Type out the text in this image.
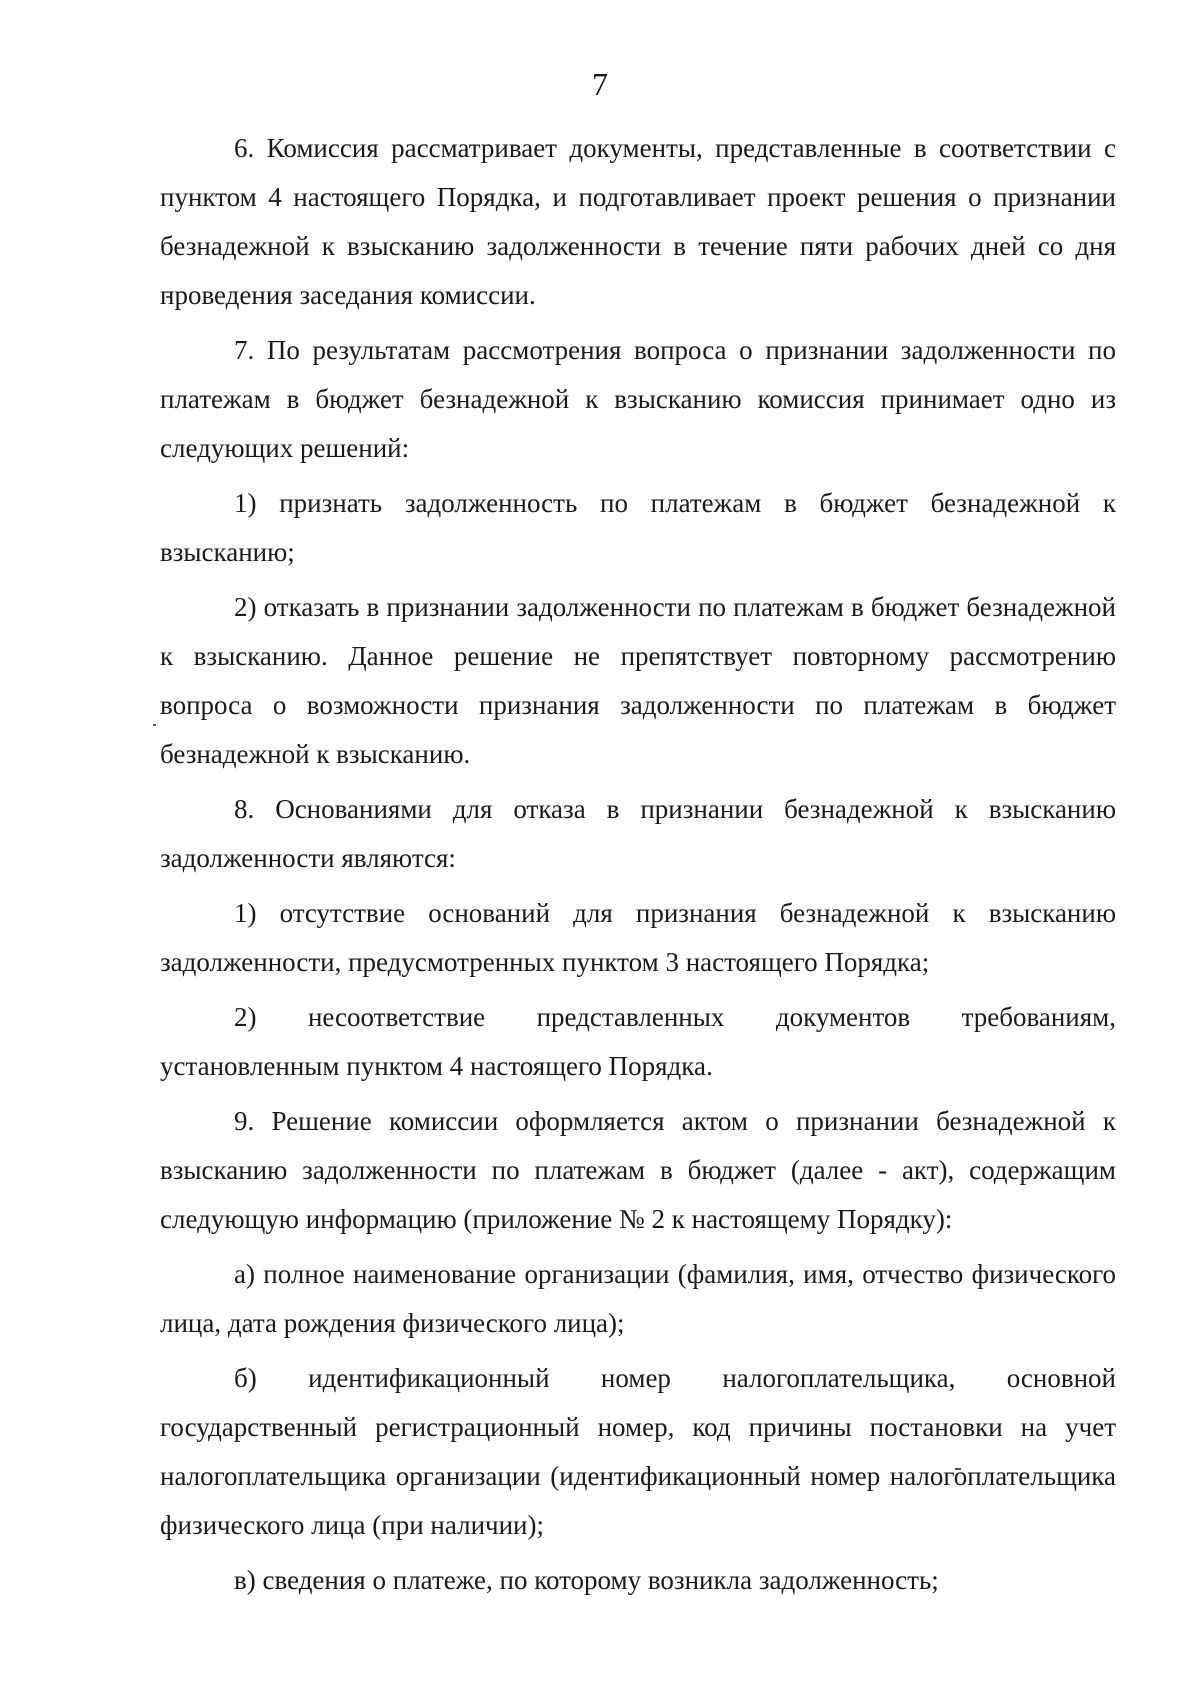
7

6. Комиссия рассматривает документы, представленные в соответствии с пунктом 4 настоящего Порядка, и подготавливает проект решения о признании безнадежной к взысканию задолженности в течение пяти рабочих дней со дня проведения заседания комиссии.

7. По результатам рассмотрения вопроса о признании задолженности по платежам в бюджет безнадежной к взысканию комиссия принимает одно из следующих решений:

1) признать задолженность по платежам в бюджет безнадежной к взысканию;

2) отказать в признании задолженности по платежам в бюджет безнадежной к взысканию. Данное решение не препятствует повторному рассмотрению вопроса о возможности признания задолженности по платежам в бюджет безнадежной к взысканию.

8. Основаниями для отказа в признании безнадежной к взысканию задолженности являются:

1) отсутствие оснований для признания безнадежной к взысканию задолженности, предусмотренных пунктом 3 настоящего Порядка;

2) несоответствие представленных документов требованиям, установленным пунктом 4 настоящего Порядка.

9. Решение комиссии оформляется актом о признании безнадежной к взысканию задолженности по платежам в бюджет (далее - акт), содержащим следующую информацию (приложение № 2 к настоящему Порядку):

а) полное наименование организации (фамилия, имя, отчество физического лица, дата рождения физического лица);

б) идентификационный номер налогоплательщика, основной государственный регистрационный номер, код причины постановки на учет налогоплательщика организации (идентификационный номер налогоплательщика физического лица (при наличии);

в) сведения о платеже, по которому возникла задолженность;
